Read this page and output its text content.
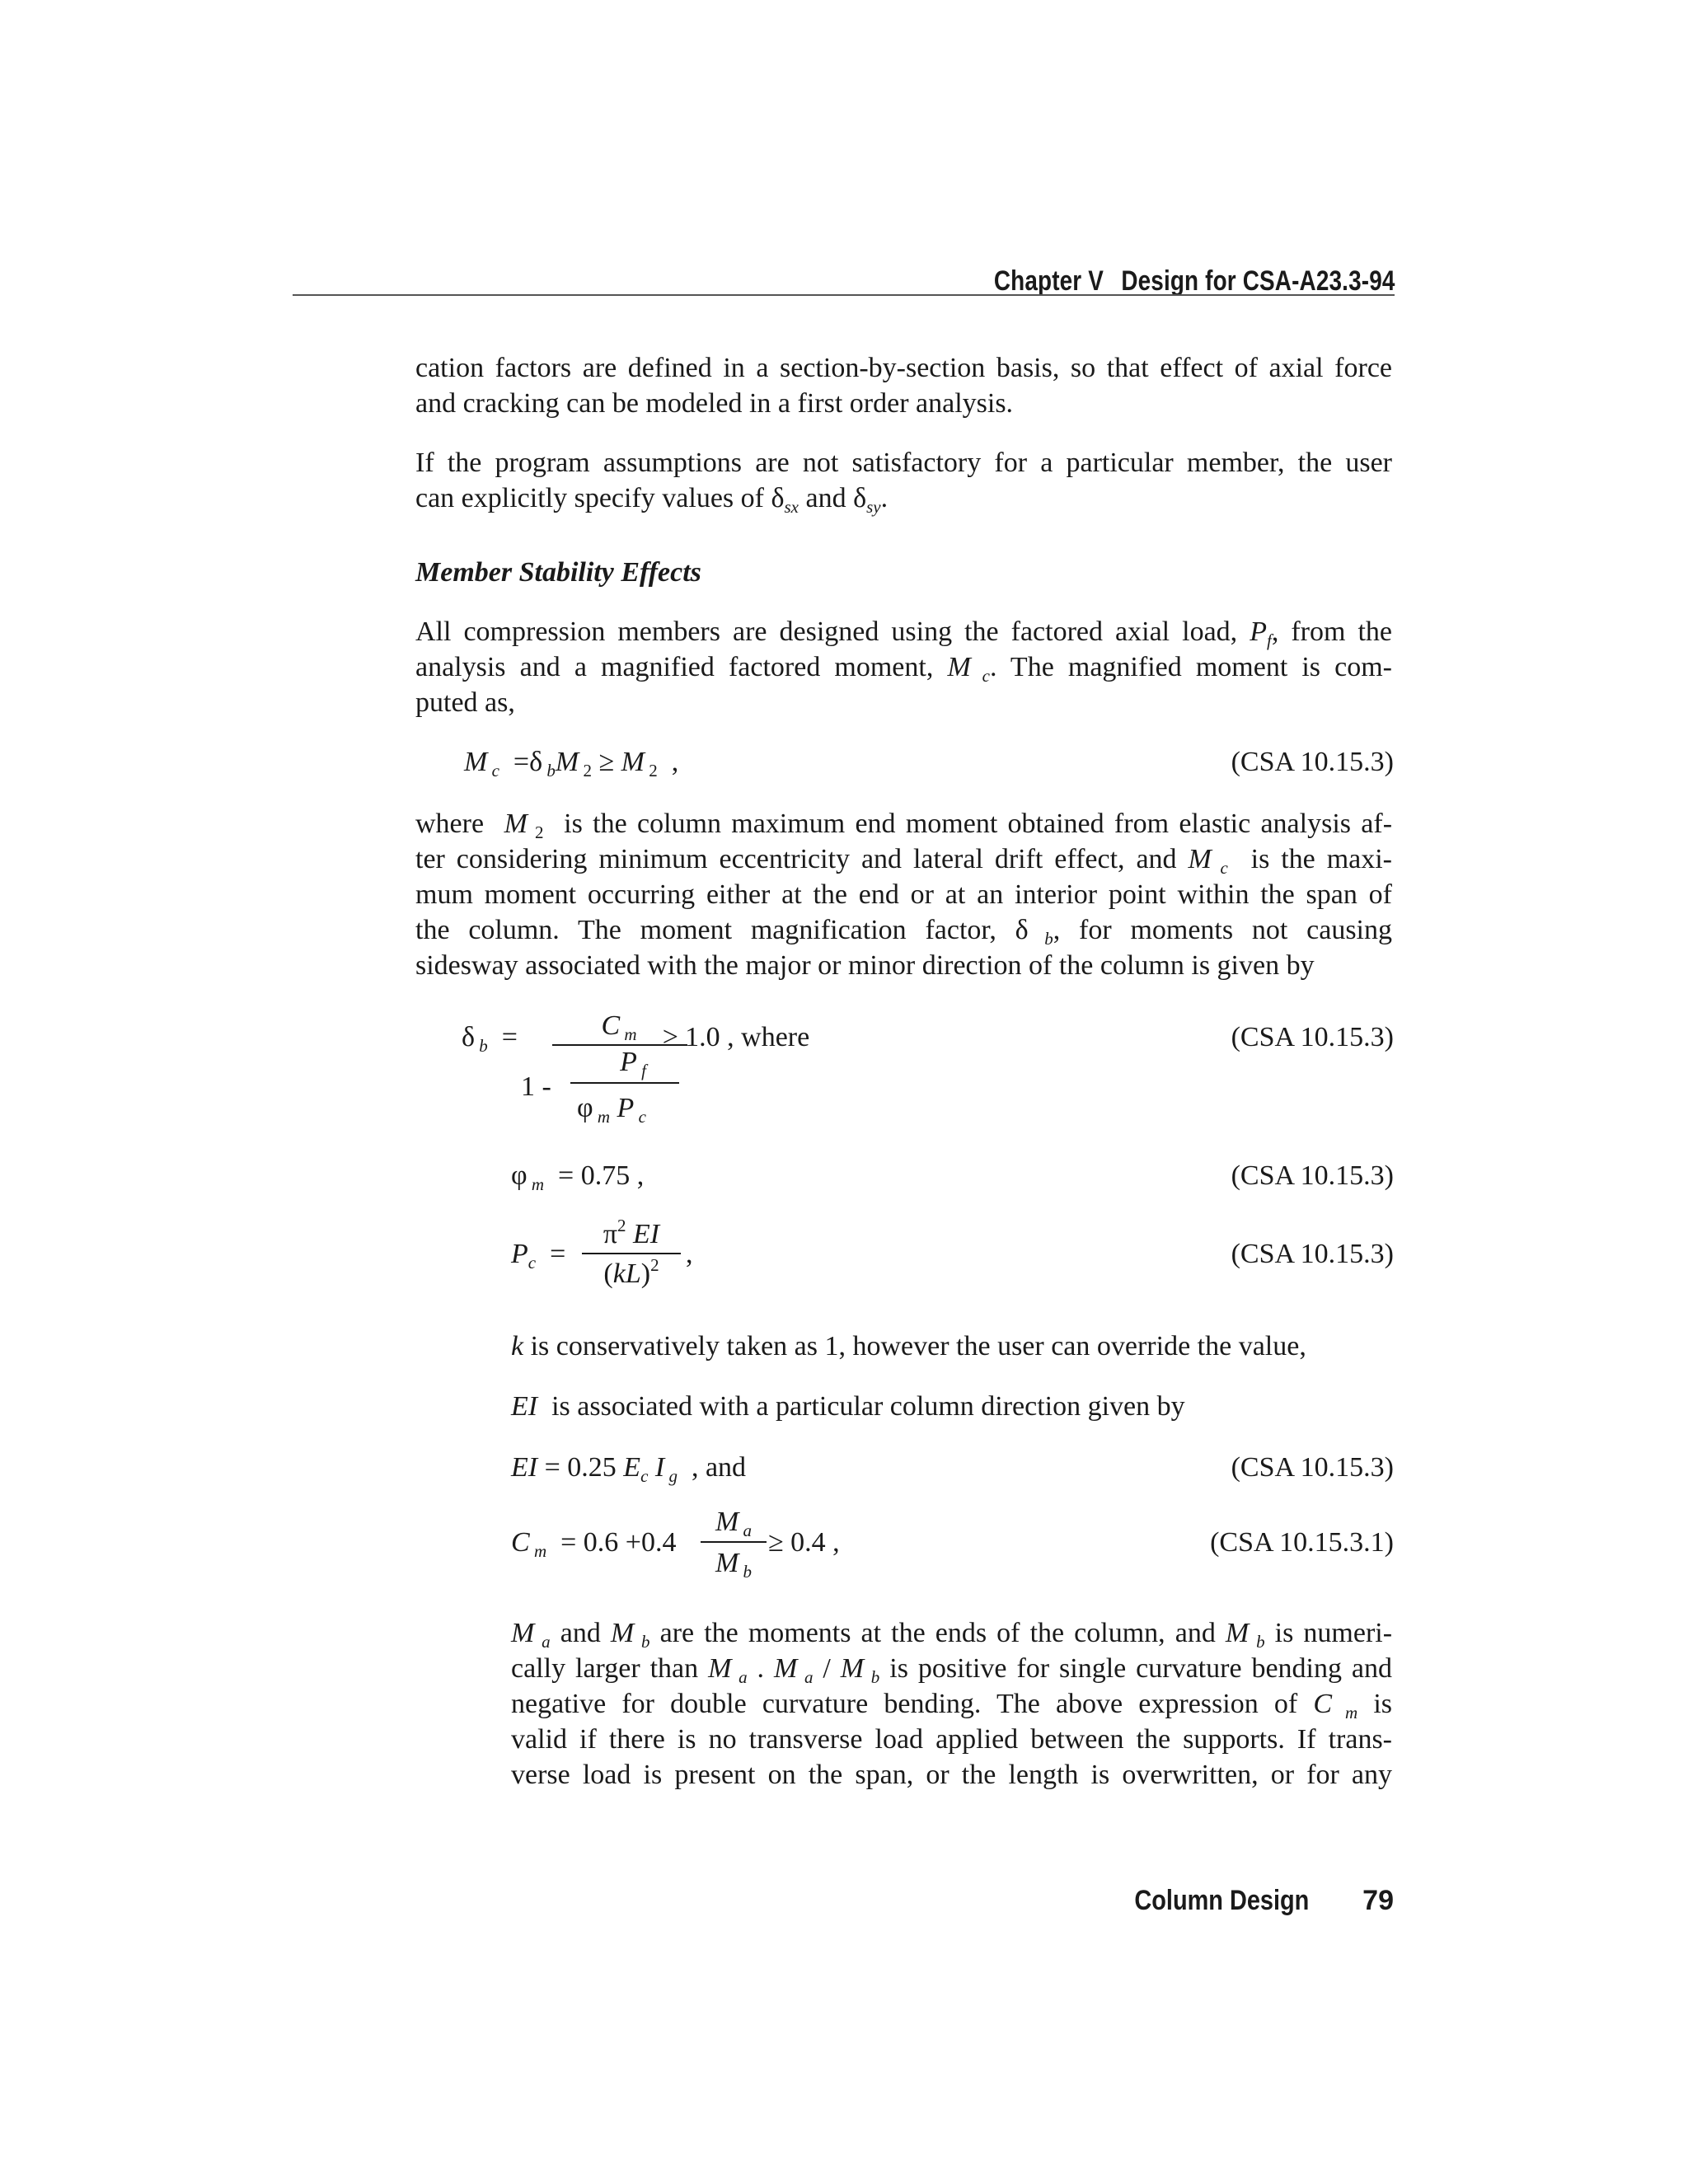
Chapter V Design for CSA-A23.3-94
cation factors are defined in a section-by-section basis, so that effect of axial force
and cracking can be modeled in a first order analysis.
If the program assumptions are not satisfactory for a particular member, the user
can explicitly specify values of $\delta_{sx}$ and $\delta_{sy}$.
Member Stability Effects
All compression members are designed using the factored axial load, $P_f$, from the
analysis and a magnified factored moment, M $_c$. The magnified moment is com-
puted as,
M $_c$  =δ $_b$M $_2$ ≥ M $_2$  ,	(CSA 10.15.3)
where M $_2$ is the column maximum end moment obtained from elastic analysis af-
ter considering minimum eccentricity and lateral drift effect, and M $_c$ is the maxi-
mum moment occurring either at the end or at an interior point within the span of
the column. The moment magnification factor, δ $_b$, for moments not causing
sidesway associated with the major or minor direction of the column is given by
δ $_b$  =	C $_m$
1 -
P $_f$
φ $_m$ P $_c$
≥ 1.0 , where	(CSA 10.15.3)
φ $_m$ = 0.75 ,	(CSA 10.15.3)
$P_c$  =
$\pi^2$ EI
(kL)$^2$ ,	(CSA 10.15.3)
k is conservatively taken as 1, however the user can override the value,
EI is associated with a particular column direction given by
EI = 0.25 $E_c$ I $_g$ , and	(CSA 10.15.3)
C $_m$ = 0.6 +0.4
M $_a$
M $_b$
≥ 0.4 ,	(CSA 10.15.3.1)
M $_a$ and M $_b$ are the moments at the ends of the column, and M $_b$ is numeri-
cally larger than M $_a$ . M $_a$ / M $_b$ is positive for single curvature bending and
negative for double curvature bending. The above expression of C $_m$ is
valid if there is no transverse load applied between the supports. If trans-
verse load is present on the span, or the length is overwritten, or for any
Column Design 79
